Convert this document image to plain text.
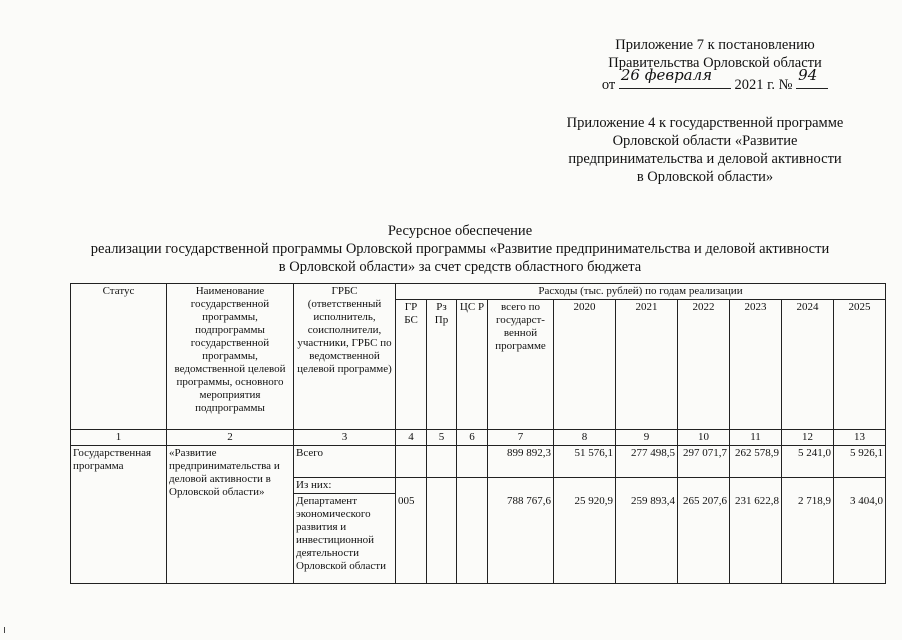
Приложение 7 к постановлению
Правительства Орловской области
от
26 февраля
2021 г. №
94
Приложение 4 к государственной программе
Орловской области «Развитие
предпринимательства и деловой активности
в Орловской области»
Ресурсное обеспечение
реализации государственной программы Орловской программы «Развитие предпринимательства и деловой активности
в Орловской области» за счет средств областного бюджета
Статус	Наименование государственной программы, подпрограммы государственной программы, ведомственной целевой программы, основного мероприятия подпрограммы	ГРБС (ответственный исполнитель, соисполнители, участники, ГРБС по ведомственной целевой программе)	Расходы (тыс. рублей) по годам реализации									
			ГР БС	Рз Пр	ЦС Р	всего по государст-венной программе	2020	2021	2022	2023	2024	2025
1	2	3	4	5	6	7	8	9	10	11	12	13
Государственная программа	«Развитие предпринимательства и деловой активности в Орловской области»	Всего				899 892,3	51 576,1	277 498,5	297 071,7	262 578,9	5 241,0	5 926,1
		Из них:										
		Департамент экономического развития и инвестиционной деятельности Орловской области	005			788 767,6	25 920,9	259 893,4	265 207,6	231 622,8	2 718,9	3 404,0
